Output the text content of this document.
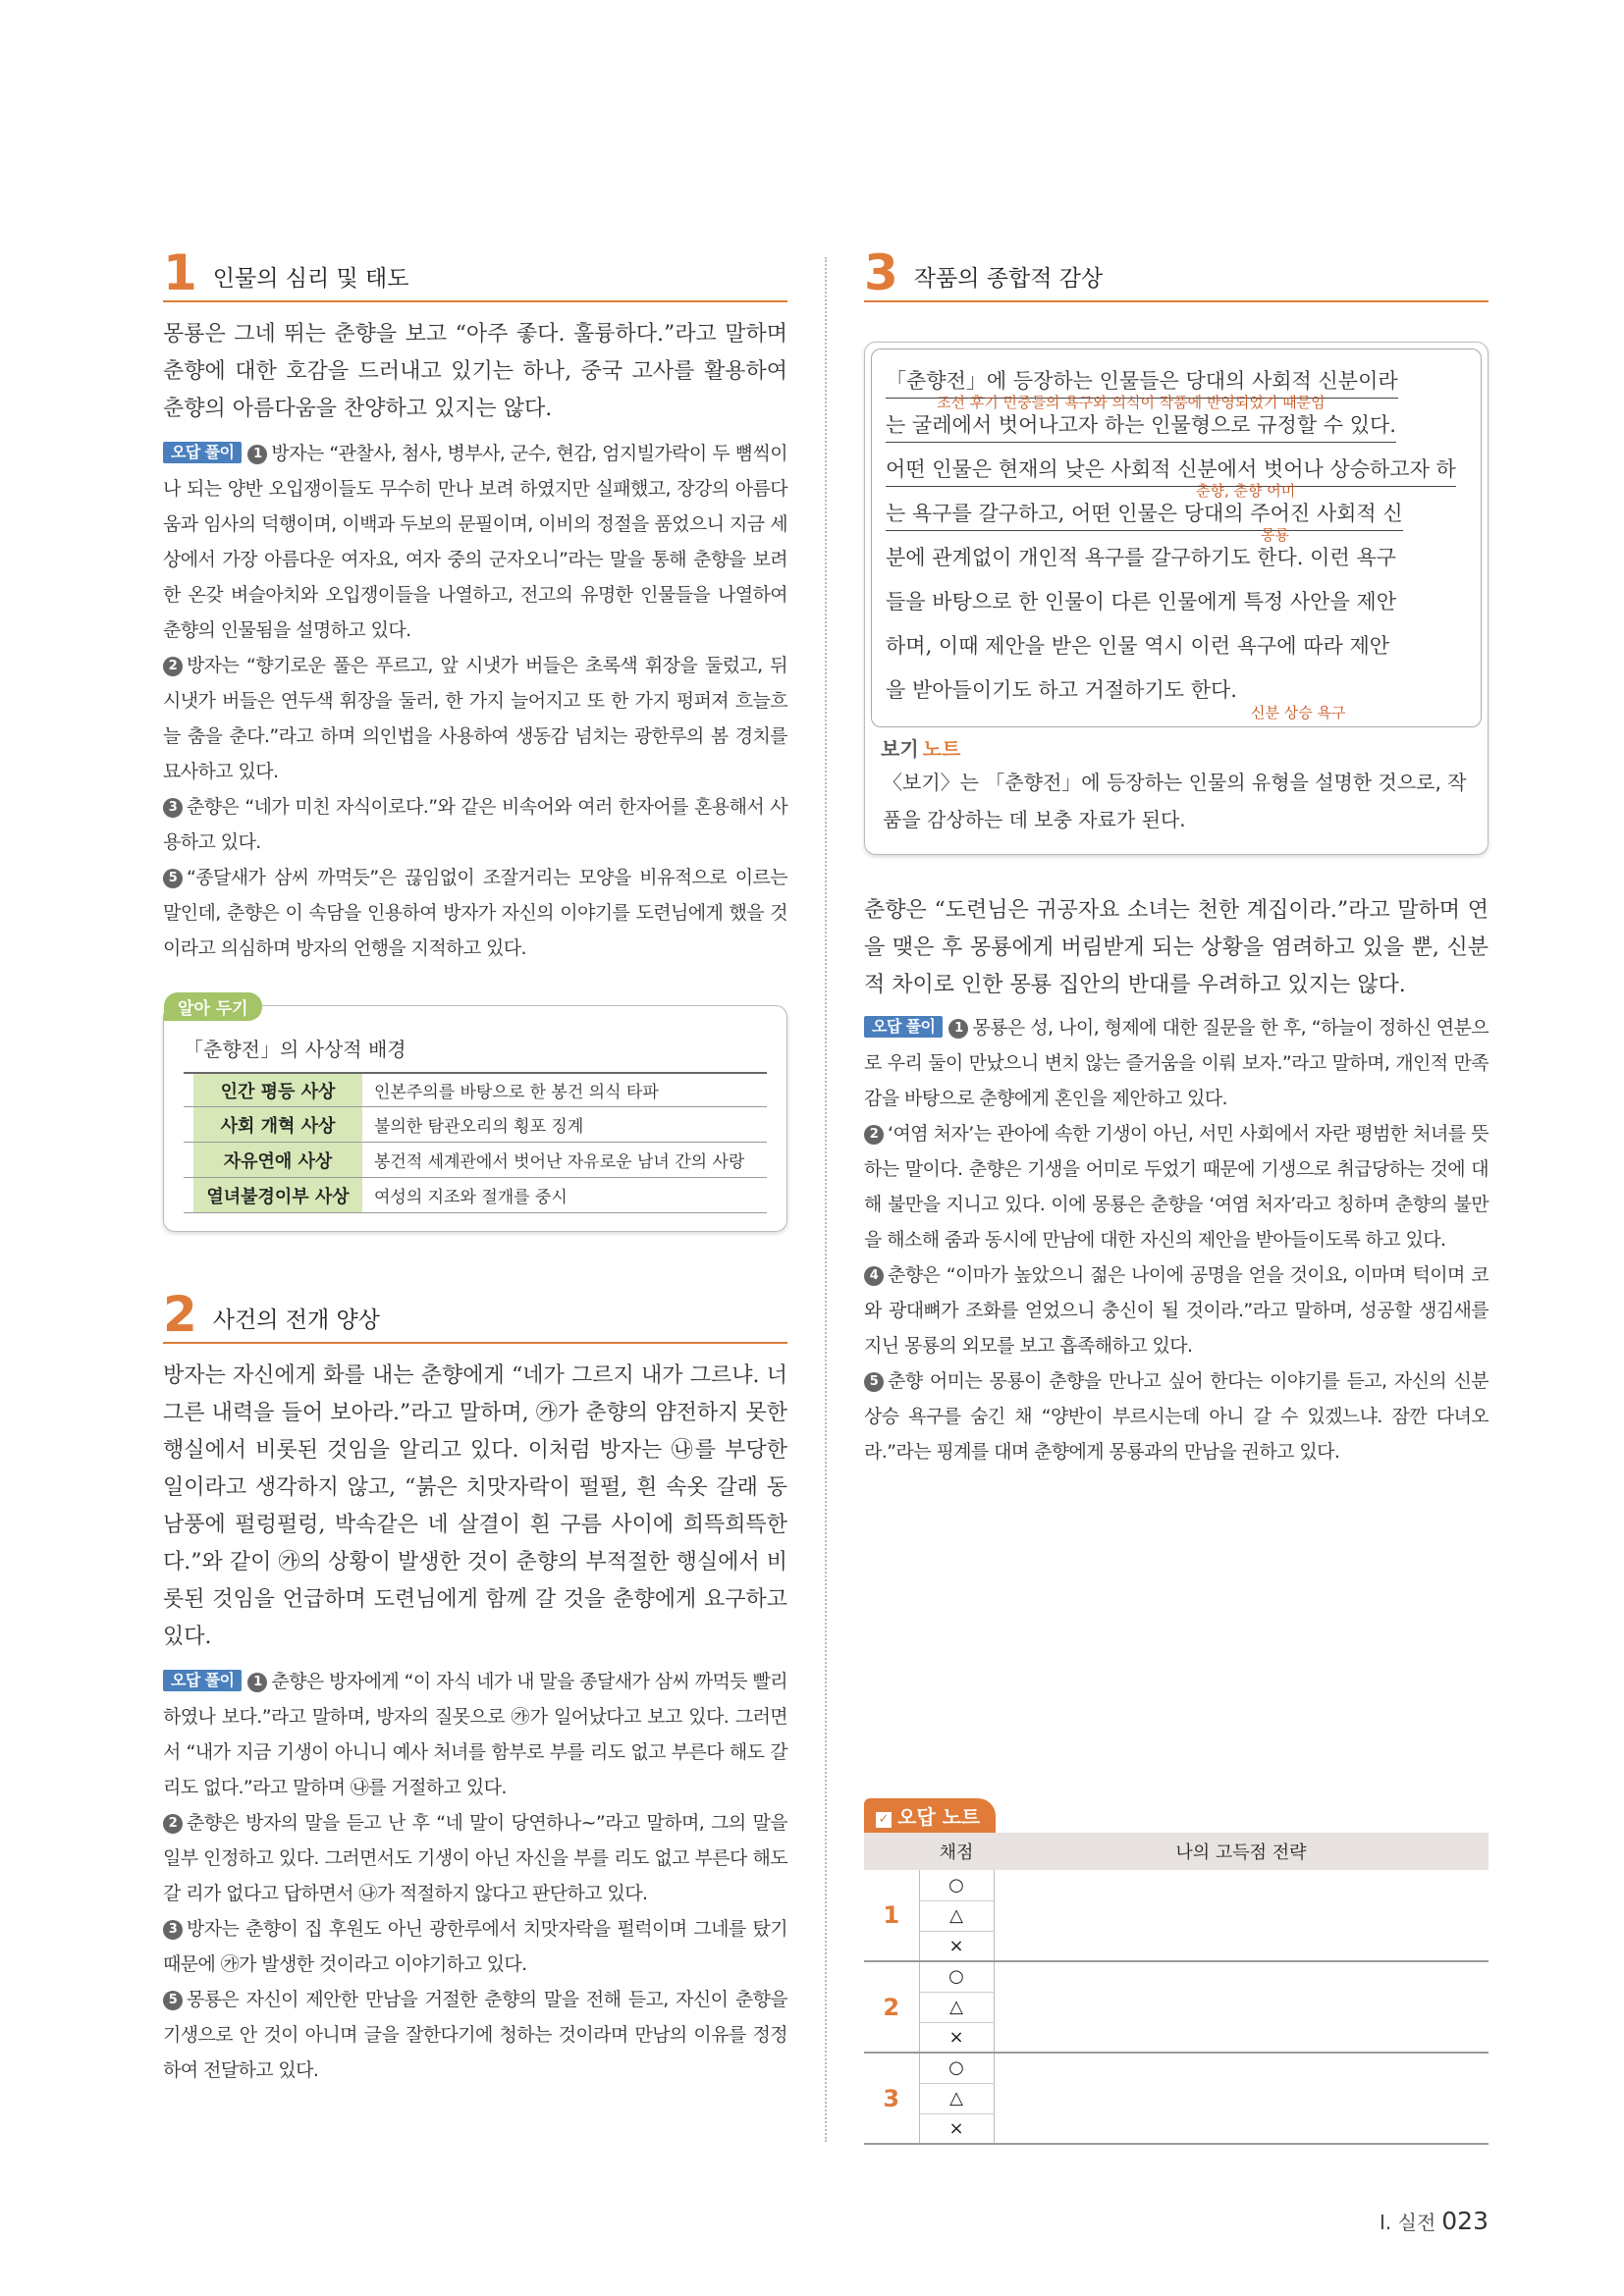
1 인물의 심리 및 태도

몽룡은 그네 뛰는 춘향을 보고 “아주 좋다. 훌륭하다.”라고 말하며 춘향에 대한 호감을 드러내고 있기는 하나, 중국 고사를 활용하여 춘향의 아름다움을 찬양하고 있지는 않다.

오답 풀이 1 방자는 “관찰사, 첨사, 병부사, 군수, 현감, 엄지빌가락이 두 뼘씩이나 되는 양반 오입쟁이들도 무수히 만나 보려 하였지만 실패했고, 장강의 아름다움과 임사의 덕행이며, 이백과 두보의 문필이며, 이비의 정절을 품었으니 지금 세상에서 가장 아름다운 여자요, 여자 중의 군자오니”라는 말을 통해 춘향을 보려 한 온갖 벼슬아치와 오입쟁이들을 나열하고, 전고의 유명한 인물들을 나열하여 춘향의 인물됨을 설명하고 있다.

2 방자는 “향기로운 풀은 푸르고, 앞 시냇가 버들은 초록색 휘장을 둘렀고, 뒤 시냇가 버들은 연두색 휘장을 둘러, 한 가지 늘어지고 또 한 가지 펑퍼져 흐늘흐늘 춤을 춘다.”라고 하며 의인법을 사용하여 생동감 넘치는 광한루의 봄 경치를 묘사하고 있다.

3 춘향은 “네가 미친 자식이로다.”와 같은 비속어와 여러 한자어를 혼용해서 사용하고 있다.

5 “종달새가 삼씨 까먹듯”은 끊임없이 조잘거리는 모양을 비유적으로 이르는 말인데, 춘향은 이 속담을 인용하여 방자가 자신의 이야기를 도련님에게 했을 것이라고 의심하며 방자의 언행을 지적하고 있다.

알아 두기
「춘향전」의 사상적 배경
인간 평등 사상	인본주의를 바탕으로 한 봉건 의식 타파
사회 개혁 사상	불의한 탐관오리의 횡포 징계
자유연애 사상	봉건적 세계관에서 벗어난 자유로운 남녀 간의 사랑
열녀불경이부 사상	여성의 지조와 절개를 중시
2 사건의 전개 양상

방자는 자신에게 화를 내는 춘향에게 “네가 그르지 내가 그르냐. 너 그른 내력을 들어 보아라.”라고 말하며, ㉮가 춘향의 얌전하지 못한 행실에서 비롯된 것임을 알리고 있다. 이처럼 방자는 ㉯를 부당한 일이라고 생각하지 않고, “붉은 치맛자락이 펄펄, 흰 속옷 갈래 동남풍에 펄렁펄렁, 박속같은 네 살결이 흰 구름 사이에 희뜩희뜩한다.”와 같이 ㉮의 상황이 발생한 것이 춘향의 부적절한 행실에서 비롯된 것임을 언급하며 도련님에게 함께 갈 것을 춘향에게 요구하고 있다.

오답 풀이 1 춘향은 방자에게 “이 자식 네가 내 말을 종달새가 삼씨 까먹듯 빨리하였나 보다.”라고 말하며, 방자의 질못으로 ㉮가 일어났다고 보고 있다. 그러면서 “내가 지금 기생이 아니니 예사 처녀를 함부로 부를 리도 없고 부른다 해도 갈 리도 없다.”라고 말하며 ㉯를 거절하고 있다.

2 춘향은 방자의 말을 듣고 난 후 “네 말이 당연하나~”라고 말하며, 그의 말을 일부 인정하고 있다. 그러면서도 기생이 아닌 자신을 부를 리도 없고 부른다 해도 갈 리가 없다고 답하면서 ㉯가 적절하지 않다고 판단하고 있다.

3 방자는 춘향이 집 후원도 아닌 광한루에서 치맛자락을 펄럭이며 그네를 탔기 때문에 ㉮가 발생한 것이라고 이야기하고 있다.

5 몽룡은 자신이 제안한 만남을 거절한 춘향의 말을 전해 듣고, 자신이 춘향을 기생으로 안 것이 아니며 글을 잘한다기에 청하는 것이라며 만남의 이유를 정정하여 전달하고 있다.

3 작품의 종합적 감상
「춘향전」에 등장하는 인물들은 당대의 사회적 신분이라
는 굴레에서 벗어나고자 하는 인물형으로 규정할 수 있다.
어떤 인물은 현재의 낮은 사회적 신분에서 벗어나 상승하고자 하
는 욕구를 갈구하고, 어떤 인물은 당대의 주어진 사회적 신
분에 관계없이 개인적 욕구를 갈구하기도 한다. 이런 욕구
들을 바탕으로 한 인물이 다른 인물에게 특정 사안을 제안
하며, 이때 제안을 받은 인물 역시 이런 욕구에 따라 제안
을 받아들이기도 하고 거절하기도 한다.
조선 후기 민중들의 욕구와 의식이 작품에 반영되었기 때문임
춘향, 춘향 어미
몽룡
신분 상승 욕구
보기 노트

〈보기〉는 「춘향전」에 등장하는 인물의 유형을 설명한 것으로, 작품을 감상하는 데 보충 자료가 된다.

춘향은 “도련님은 귀공자요 소녀는 천한 계집이라.”라고 말하며 연을 맺은 후 몽룡에게 버림받게 되는 상황을 염려하고 있을 뿐, 신분적 차이로 인한 몽룡 집안의 반대를 우려하고 있지는 않다.

오답 풀이 1 몽룡은 성, 나이, 형제에 대한 질문을 한 후, “하늘이 정하신 연분으로 우리 둘이 만났으니 변치 않는 즐거움을 이뤄 보자.”라고 말하며, 개인적 만족감을 바탕으로 춘향에게 혼인을 제안하고 있다.

2 ‘여염 처자’는 관아에 속한 기생이 아닌, 서민 사회에서 자란 평범한 처녀를 뜻하는 말이다. 춘향은 기생을 어미로 두었기 때문에 기생으로 취급당하는 것에 대해 불만을 지니고 있다. 이에 몽룡은 춘향을 ‘여염 처자’라고 칭하며 춘향의 불만을 해소해 줌과 동시에 만남에 대한 자신의 제안을 받아들이도록 하고 있다.

4 춘향은 “이마가 높았으니 젊은 나이에 공명을 얻을 것이요, 이마며 턱이며 코와 광대뼈가 조화를 얻었으니 충신이 될 것이라.”라고 말하며, 성공할 생김새를 지닌 몽룡의 외모를 보고 흡족해하고 있다.

5 춘향 어미는 몽룡이 춘향을 만나고 싶어 한다는 이야기를 듣고, 자신의 신분 상승 욕구를 숨긴 채 “양반이 부르시는데 아니 갈 수 있겠느냐. 잠깐 다녀오라.”라는 핑계를 대며 춘향에게 몽룡과의 만남을 권하고 있다.

✓ 오답 노트
	채점	나의 고득점 전략
1	○	
	△	
	×	
2	○	
	△	
	×	
3	○	
	△	
	×	
I. 실전 023
